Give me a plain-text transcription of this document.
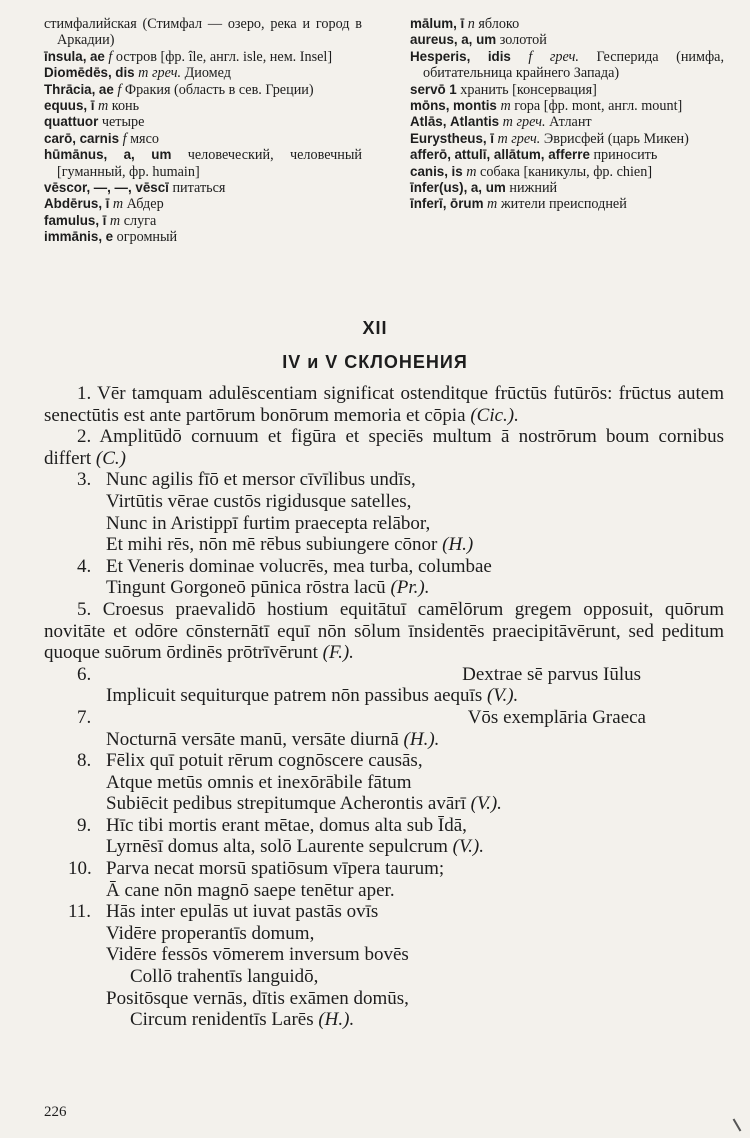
стимфалийская (Стимфал — озеро, река и город в Аркадии)
īnsula, ae f остров [фр. île, англ. isle, нем. Insel]
Diomēdēs, dis m греч. Диомед
Thrācia, ae f Фракия (область в сев. Греции)
equus, ī m конь
quattuor четыре
carō, carnis f мясо
hūmānus, a, um человеческий, человечный [гуманный, фр. humain]
vēscor, —, —, vēscī питаться
Abdērus, ī m Абдер
famulus, ī m слуга
immānis, e огромный
mālum, ī n яблоко
aureus, a, um золотой
Hesperis, idis f греч. Гесперида (нимфа, обитательница крайнего Запада)
servō 1 хранить [консервация]
mōns, montis m гора [фр. mont, англ. mount]
Atlās, Atlantis m греч. Атлант
Eurystheus, ī m греч. Эврисфей (царь Микен)
afferō, attulī, allātum, afferre приносить
canis, is m собака [каникулы, фр. chien]
īnfer(us), a, um нижний
īnferī, ōrum m жители преисподней
XII
IV и V СКЛОНЕНИЯ

1. Vēr tamquam adulēscentiam significat ostenditque frūctūs futūrōs: frūctus autem senectūtis est ante partōrum bonōrum memoria et cōpia (Cic.).

2. Amplitūdō cornuum et figūra et speciēs multum ā nostrōrum boum cornibus differt (C.)

3. Nunc agilis fīō et mersor cīvīlibus undīs,
Virtūtis vērae custōs rigidusque satelles,
Nunc in Aristippī furtim praecepta relābor,
Et mihi rēs, nōn mē rēbus subiungere cōnor (H.)
4. Et Veneris dominae volucrēs, mea turba, columbae
Tingunt Gorgoneō pūnica rōstra lacū (Pr.).

5. Croesus praevalidō hostium equitātuī camēlōrum gregem opposuit, quōrum novitāte et odōre cōnsternātī equī nōn sōlum īnsidentēs praecipitāvērunt, sed peditum quoque suōrum ōrdinēs prōtrīvērunt (F.).

6.	Dextrae sē parvus Iūlus
Implicuit sequiturque patrem nōn passibus aequīs (V.).
7.	Vōs exemplāria Graeca
Nocturnā versāte manū, versāte diurnā (H.).
8. Fēlix quī potuit rērum cognōscere causās,
Atque metūs omnis et inexōrābile fātum
Subiēcit pedibus strepitumque Acherontis avārī (V.).
9. Hīc tibi mortis erant mētae, domus alta sub Īdā,
Lyrnēsī domus alta, solō Laurente sepulcrum (V.).
10. Parva necat morsū spatiōsum vīpera taurum;
Ā cane nōn magnō saepe tenētur aper.
11. Hās inter epulās ut iuvat pastās ovīs
Vidēre properantīs domum,
Vidēre fessōs vōmerem inversum bovēs
Collō trahentīs languidō,
Positōsque vernās, dītis exāmen domūs,
Circum renidentīs Larēs (H.).
226
